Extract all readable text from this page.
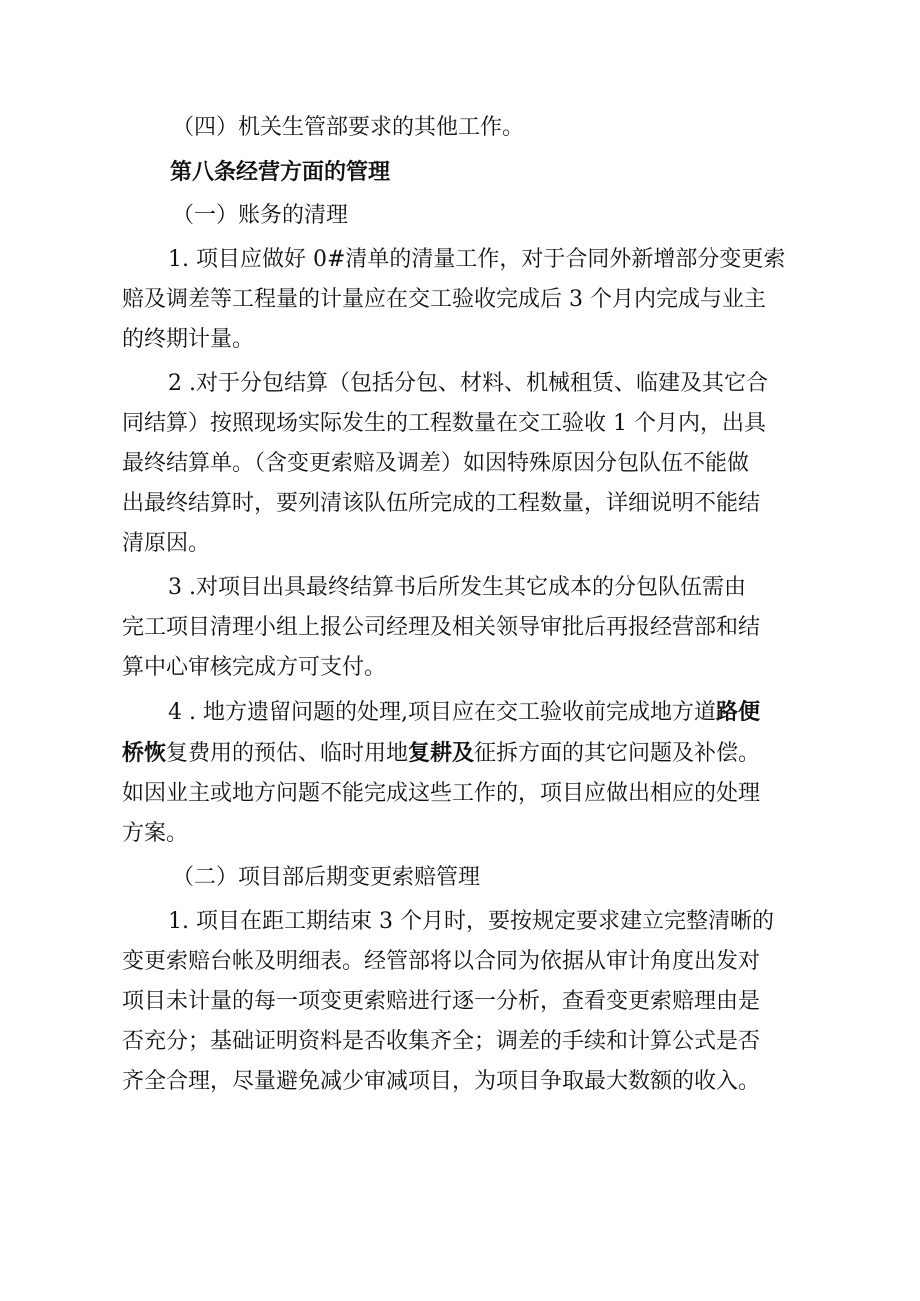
（四）机关生管部要求的其他工作。

第八条经营方面的管理

（一）账务的清理

1. 项目应做好 0#清单的清量工作，对于合同外新增部分变更索

赔及调差等工程量的计量应在交工验收完成后 3 个月内完成与业主

的终期计量。

2 .对于分包结算（包括分包、材料、机械租赁、临建及其它合

同结算）按照现场实际发生的工程数量在交工验收 1 个月内，出具

最终结算单。（含变更索赔及调差）如因特殊原因分包队伍不能做

出最终结算时，要列清该队伍所完成的工程数量，详细说明不能结

清原因。

3 .对项目出具最终结算书后所发生其它成本的分包队伍需由

完工项目清理小组上报公司经理及相关领导审批后再报经营部和结

算中心审核完成方可支付。

4 . 地方遗留问题的处理,项目应在交工验收前完成地方道路便

桥恢复费用的预估、临时用地复耕及征拆方面的其它问题及补偿。

如因业主或地方问题不能完成这些工作的，项目应做出相应的处理

方案。

（二）项目部后期变更索赔管理

1. 项目在距工期结束 3 个月时，要按规定要求建立完整清晰的

变更索赔台帐及明细表。经管部将以合同为依据从审计角度出发对

项目未计量的每一项变更索赔进行逐一分析，查看变更索赔理由是

否充分；基础证明资料是否收集齐全；调差的手续和计算公式是否

齐全合理，尽量避免减少审减项目，为项目争取最大数额的收入。
